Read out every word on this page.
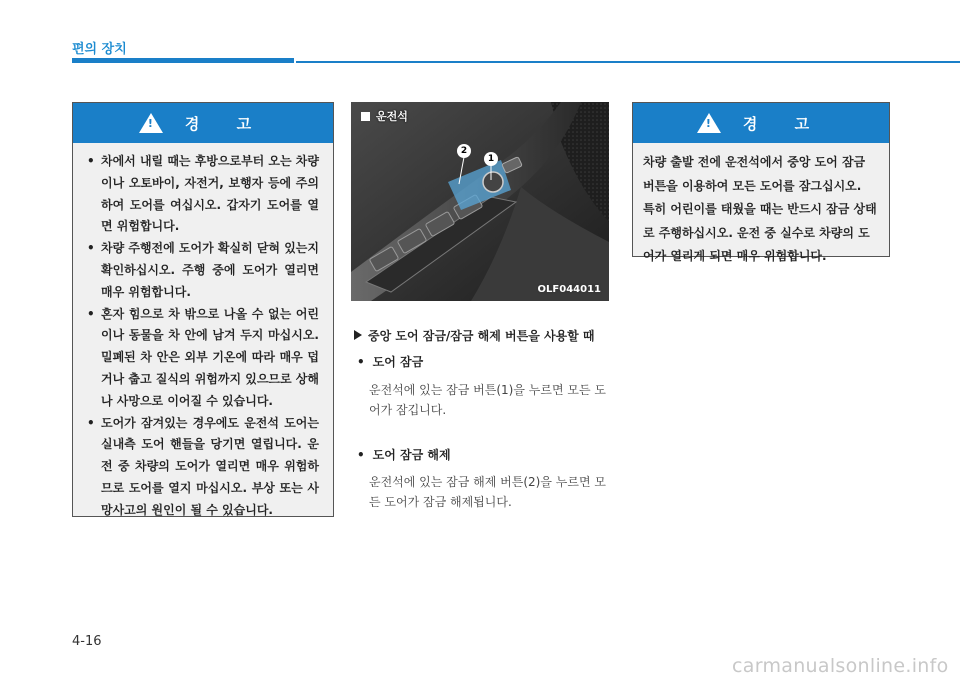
편의 장치
! 경 고
• 차에서 내릴 때는 후방으로부터 오는 차량이나 오토바이, 자전거, 보행자 등에 주의하여 도어를 여십시오. 갑자기 도어를 열면 위험합니다.
• 차량 주행전에 도어가 확실히 닫혀 있는지 확인하십시오. 주행 중에 도어가 열리면 매우 위험합니다.
• 혼자 힘으로 차 밖으로 나올 수 없는 어린이나 동물을 차 안에 남겨 두지 마십시오. 밀폐된 차 안은 외부 기온에 따라 매우 덥거나 춥고 질식의 위험까지 있으므로 상해나 사망으로 이어질 수 있습니다.
• 도어가 잠겨있는 경우에도 운전석 도어는 실내측 도어 핸들을 당기면 열립니다. 운전 중 차량의 도어가 열리면 매우 위험하므로 도어를 열지 마십시오. 부상 또는 사망사고의 원인이 될 수 있습니다.
운전석
2
1
OLF044011
중앙 도어 잠금/잠금 해제 버튼을 사용할 때
• 도어 잠금
운전석에 있는 잠금 버튼(1)을 누르면 모든 도어가 잠깁니다.
• 도어 잠금 해제
운전석에 있는 잠금 해제 버튼(2)을 누르면 모든 도어가 잠금 해제됩니다.
! 경 고
차량 출발 전에 운전석에서 중앙 도어 잠금 버튼을 이용하여 모든 도어를 잠그십시오. 특히 어린이를 태웠을 때는 반드시 잠금 상태로 주행하십시오. 운전 중 실수로 차량의 도어가 열리게 되면 매우 위험합니다.
4-16
carmanualsonline.info
